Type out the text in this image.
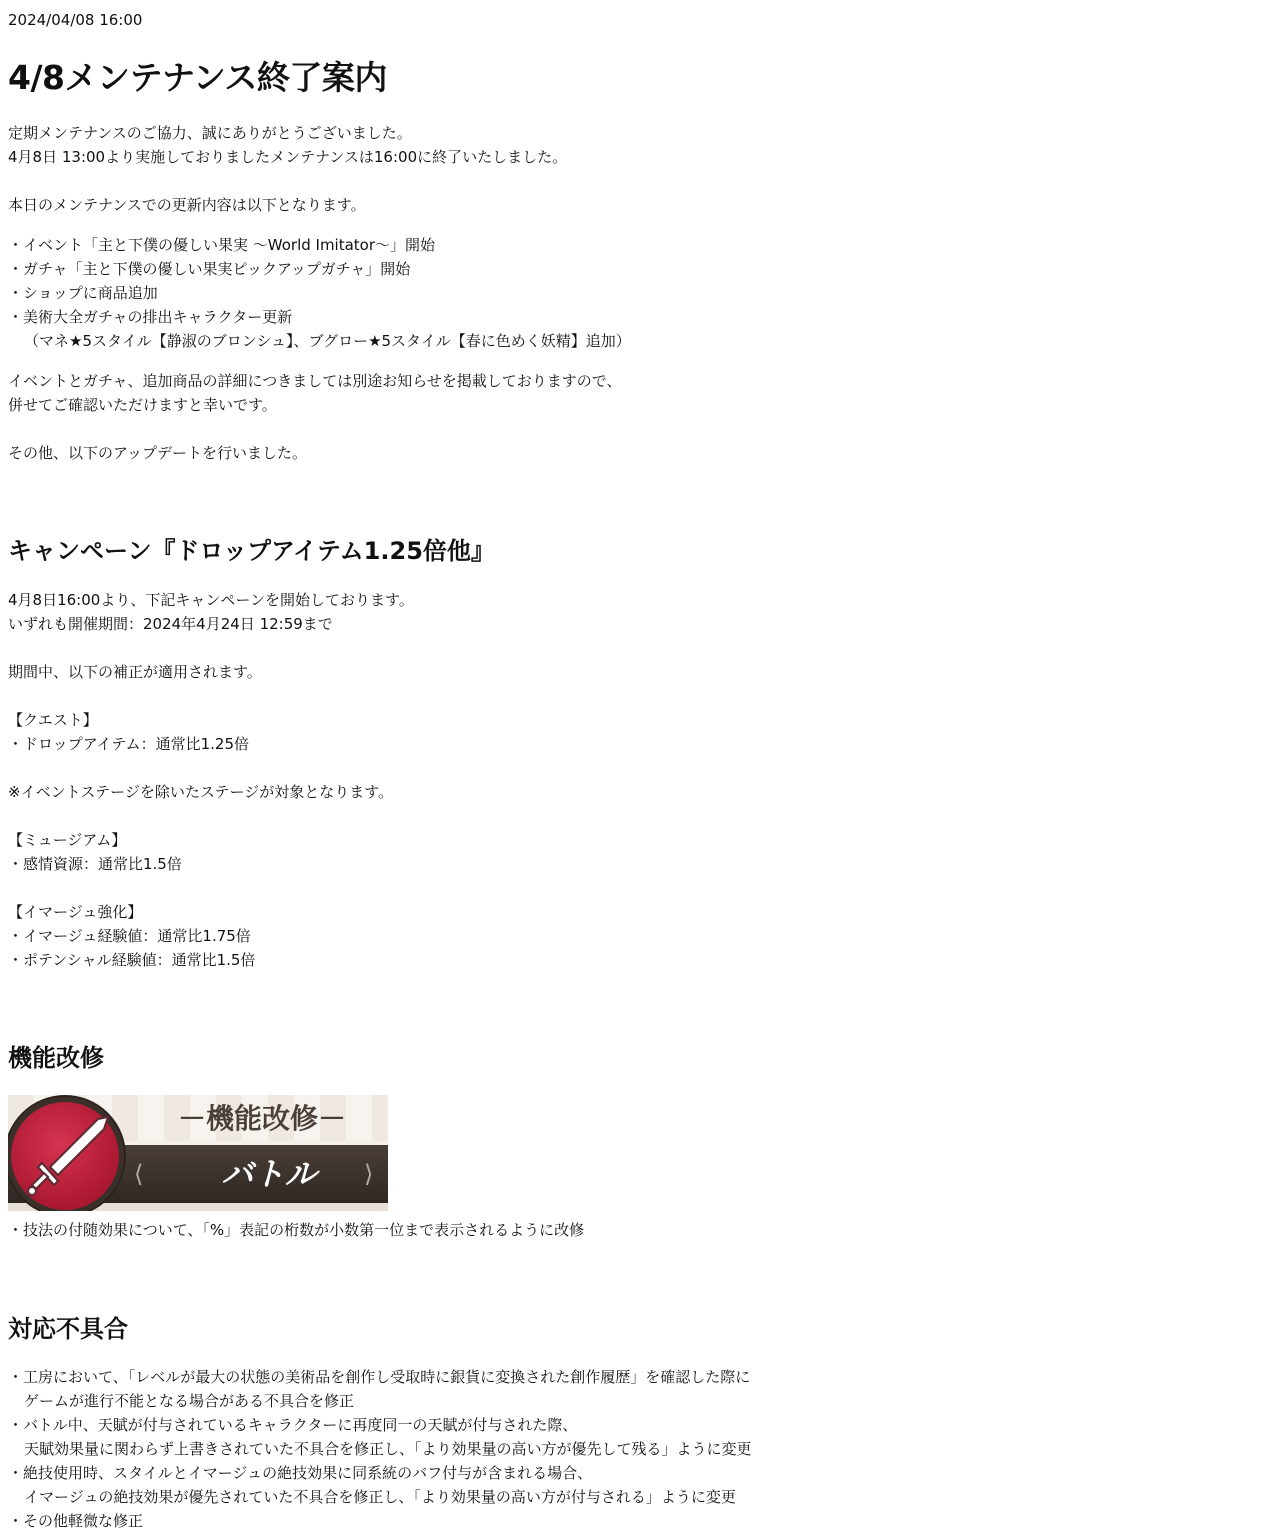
2024/04/08 16:00
4/8メンテナンス終了案内
定期メンテナンスのご協力、誠にありがとうございました。
4月8日 13:00より実施しておりましたメンテナンスは16:00に終了いたしました。
本日のメンテナンスでの更新内容は以下となります。
・イベント「主と下僕の優しい果実 〜World Imitator〜」開始
・ガチャ「主と下僕の優しい果実ピックアップガチャ」開始
・ショップに商品追加
・美術大全ガチャの排出キャラクター更新
（マネ★5スタイル【静淑のブロンシュ】、ブグロー★5スタイル【春に色めく妖精】追加）
イベントとガチャ、追加商品の詳細につきましては別途お知らせを掲載しておりますので、
併せてご確認いただけますと幸いです。
その他、以下のアップデートを行いました。
キャンペーン『ドロップアイテム1.25倍他』
4月8日16:00より、下記キャンペーンを開始しております。
いずれも開催期間：2024年4月24日 12:59まで
期間中、以下の補正が適用されます。
【クエスト】
・ドロップアイテム：通常比1.25倍
※イベントステージを除いたステージが対象となります。
【ミュージアム】
・感情資源：通常比1.5倍
【イマージュ強化】
・イマージュ経験値：通常比1.75倍
・ポテンシャル経験値：通常比1.5倍
機能改修
－機能改修－
⟨	⟩
バトル
・技法の付随効果について、「%」表記の桁数が小数第一位まで表示されるように改修
対応不具合
・工房において、「レベルが最大の状態の美術品を創作し受取時に銀貨に変換された創作履歴」を確認した際に
ゲームが進行不能となる場合がある不具合を修正
・バトル中、天賦が付与されているキャラクターに再度同一の天賦が付与された際、
天賦効果量に関わらず上書きされていた不具合を修正し、「より効果量の高い方が優先して残る」ように変更
・絶技使用時、スタイルとイマージュの絶技効果に同系統のバフ付与が含まれる場合、
イマージュの絶技効果が優先されていた不具合を修正し、「より効果量の高い方が付与される」ように変更
・その他軽微な修正
